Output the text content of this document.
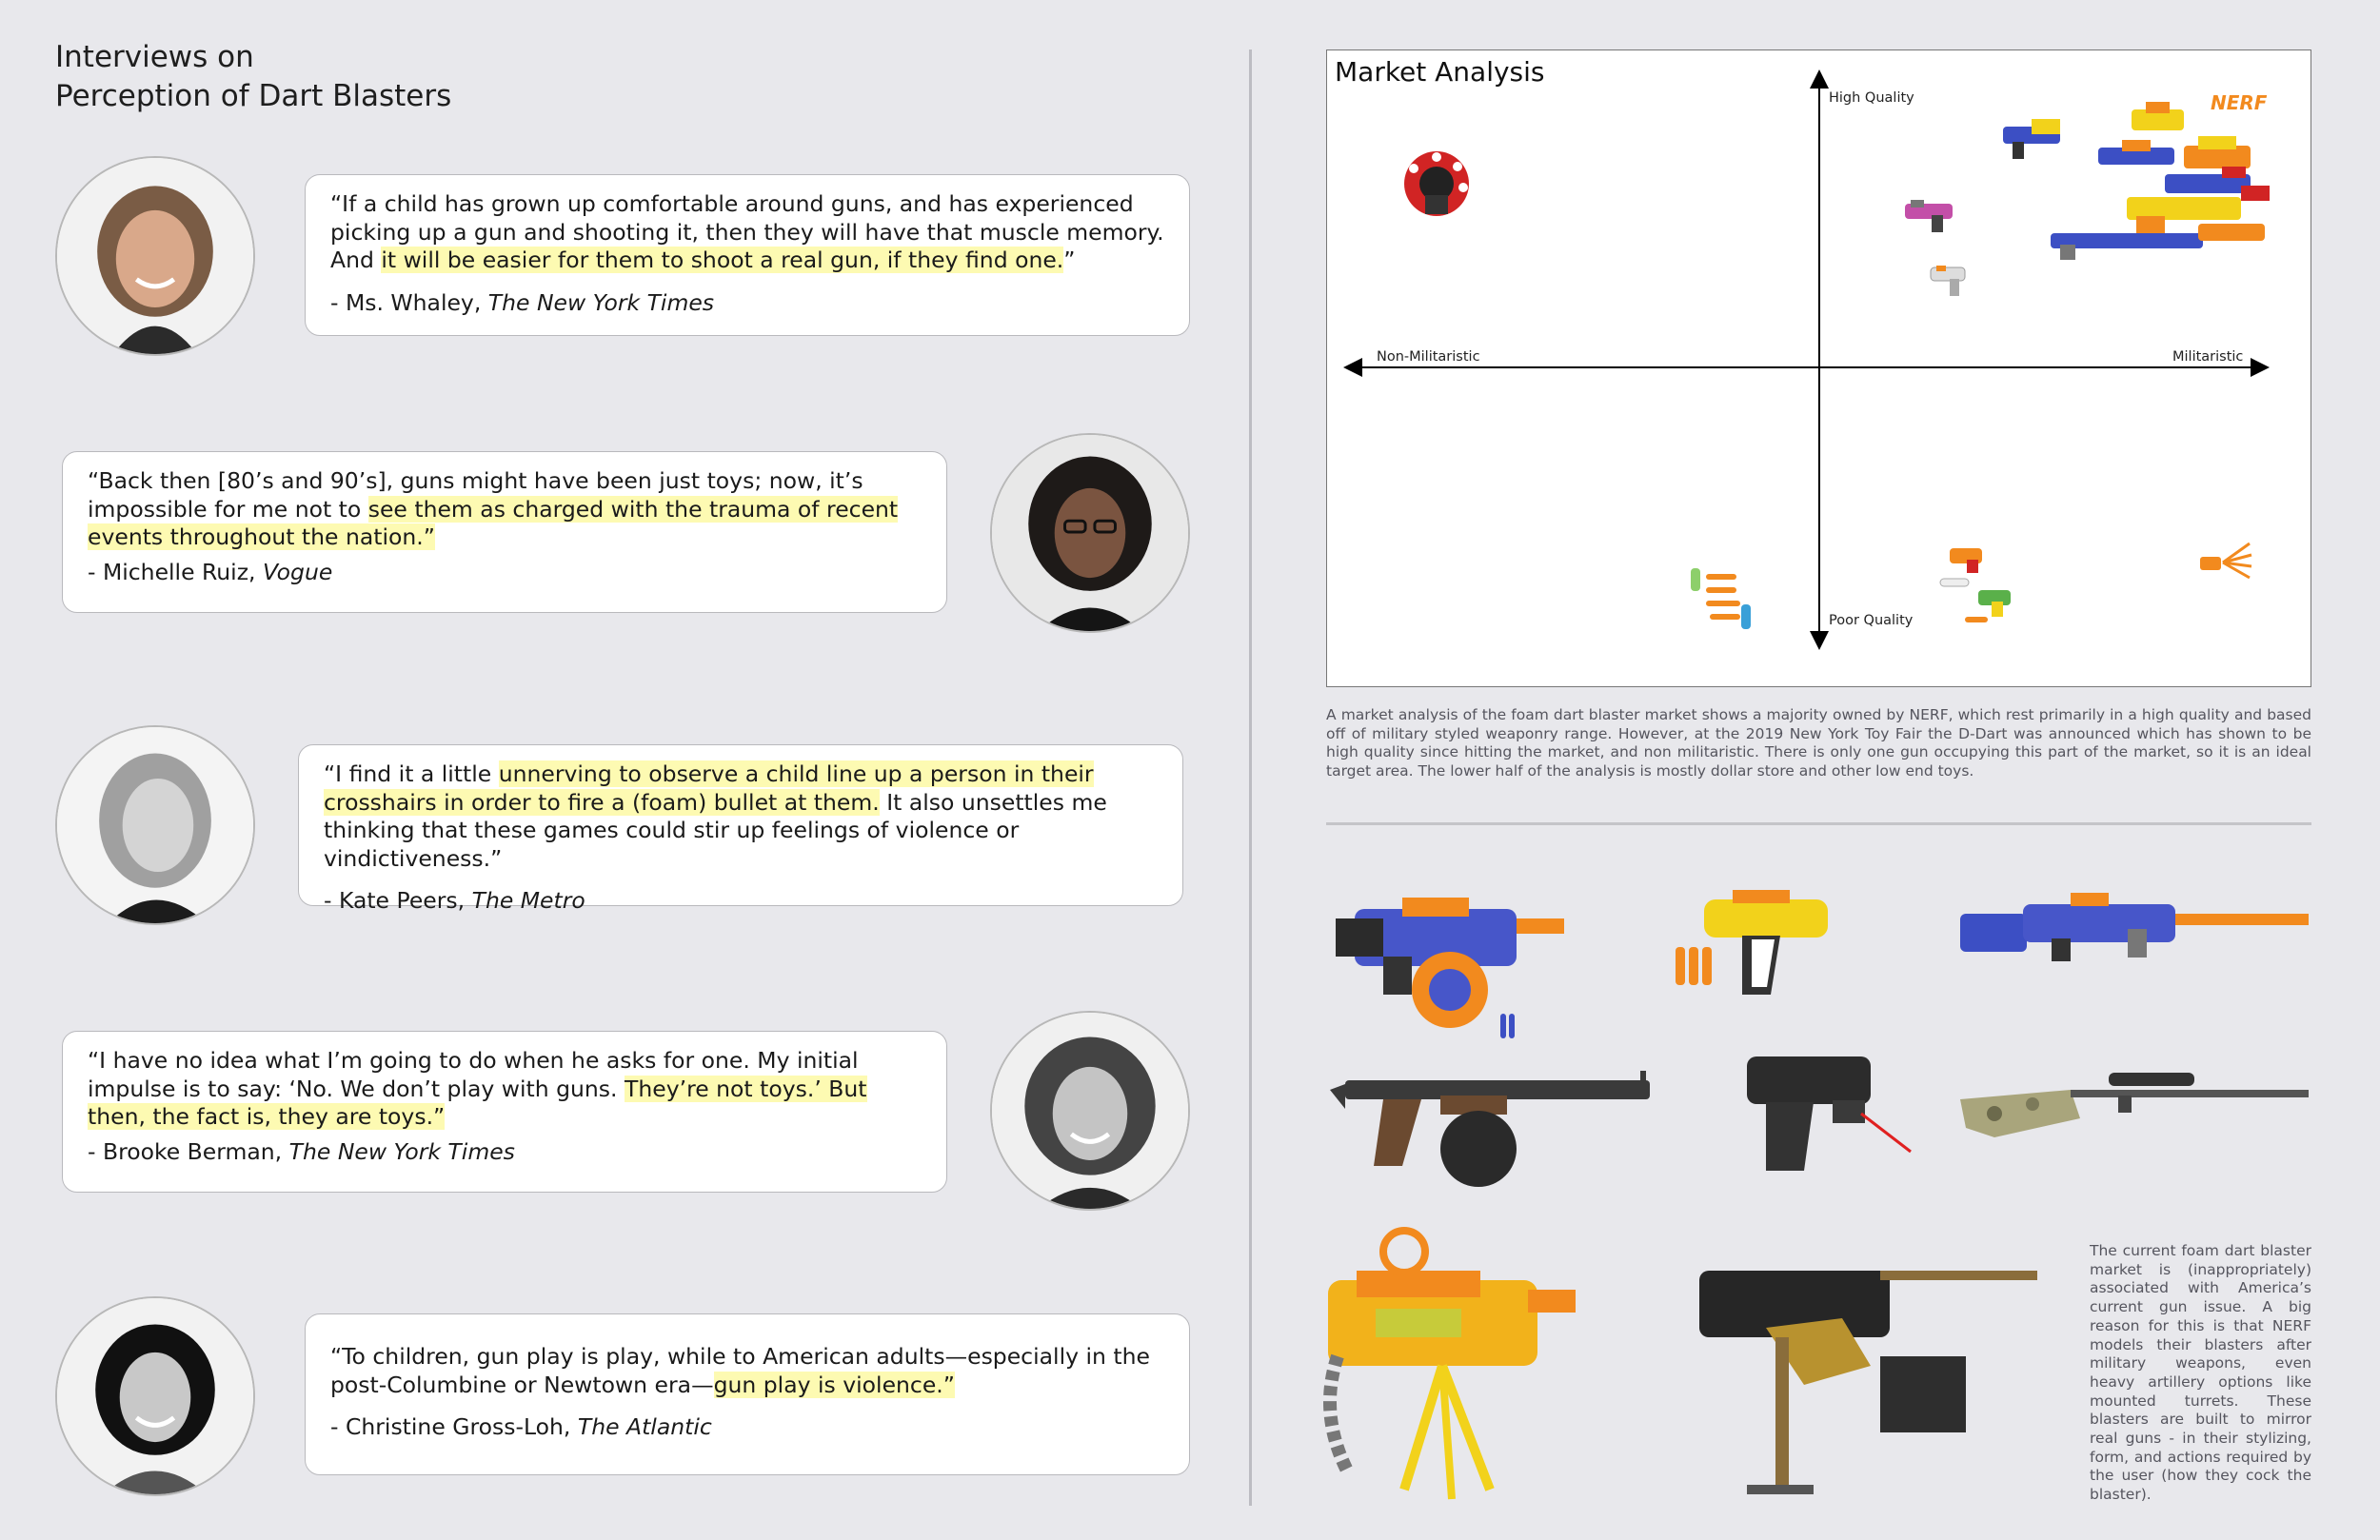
Interviews on
Perception of Dart Blasters
“If a child has grown up comfortable around guns, and has experienced picking up a gun and shooting it, then they will have that muscle memory. And it will be easier for them to shoot a real gun, if they find one.”
- Ms. Whaley, The New York Times
“Back then [80’s and 90’s], guns might have been just toys; now, it’s impossible for me not to see them as charged with the trauma of recent events throughout the nation.”
- Michelle Ruiz, Vogue
“I find it a little unnerving to observe a child line up a person in their crosshairs in order to fire a (foam) bullet at them. It also unsettles me thinking that these games could stir up feelings of violence or vindictiveness.”
- Kate Peers, The Metro
“I have no idea what I’m going to do when he asks for one. My initial impulse is to say: ‘No. We don’t play with guns. They’re not toys.’ But then, the fact is, they are toys.”
- Brooke Berman, The New York Times
“To children, gun play is play, while to American adults—especially in the post-Columbine or Newtown era—gun play is violence.”
- Christine Gross-Loh, The Atlantic
Market Analysis
High Quality
Poor Quality
Non-Militaristic	Militaristic
NERF
A market analysis of the foam dart blaster market shows a majority owned by NERF, which rest primarily in a high quality and based off of military styled weaponry range. However, at the 2019 New York Toy Fair the D-Dart was announced which has shown to be high quality since hitting the market, and non militaristic. There is only one gun occupying this part of the market, so it is an ideal target area. The lower half of the analysis is mostly dollar store and other low end toys.
The current foam dart blaster market is (inappropriately) associated with America’s current gun issue. A big reason for this is that NERF models their blasters after military weapons, even heavy artillery options like mounted turrets. These blasters are built to mirror real guns - in their stylizing, form, and actions required by the user (how they cock the blaster).
